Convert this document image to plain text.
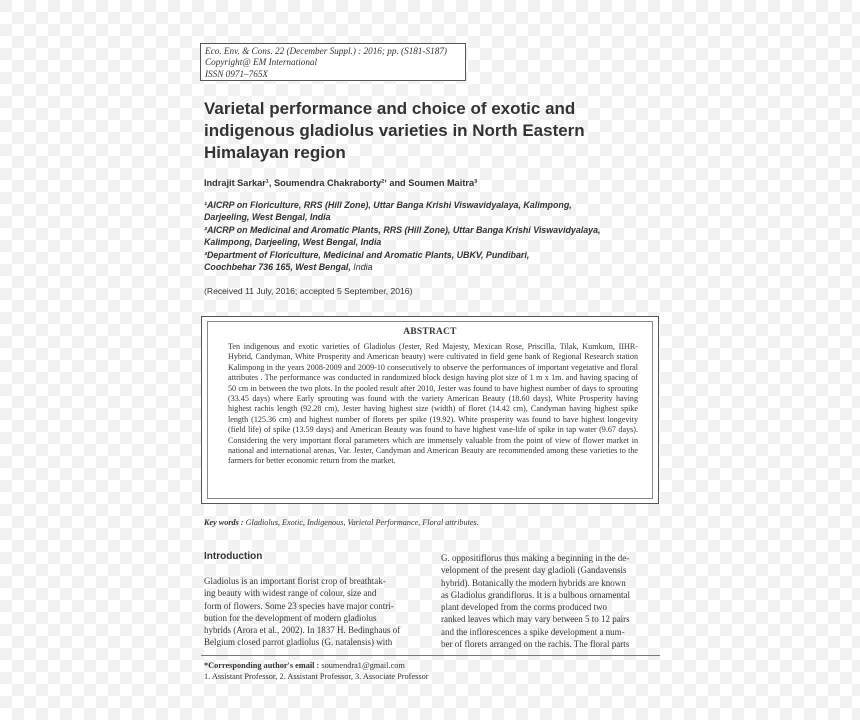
Eco. Env. & Cons. 22 (December Suppl.) : 2016; pp. (S181-S187)
Copyright@ EM International
ISSN 0971–765X
Varietal performance and choice of exotic and indigenous gladiolus varieties in North Eastern Himalayan region
Indrajit Sarkar¹, Soumendra Chakraborty²ʼ and Soumen Maitra³
¹AICRP on Floriculture, RRS (Hill Zone), Uttar Banga Krishi Viswavidyalaya, Kalimpong,
Darjeeling, West Bengal, India
²AICRP on Medicinal and Aromatic Plants, RRS (Hill Zone), Uttar Banga Krishi Viswavidyalaya,
Kalimpong, Darjeeling, West Bengal, India
³Department of Floriculture, Medicinal and Aromatic Plants, UBKV, Pundibari,
Coochbehar 736 165, West Bengal, India
(Received 11 July, 2016; accepted 5 September, 2016)
ABSTRACT
Ten indigenous and exotic varieties of Gladiolus (Jester, Red Majesty, Mexican Rose, Priscilla, Tilak, Kumkum, IIHR- Hybrid, Candyman, White Prosperity and American beauty) were cultivated in field gene bank of Regional Research station Kalimpong in the years 2008-2009 and 2009-10 consecutively to observe the performances of important vegetative and floral attributes . The performance was conducted in randomized block design having plot size of 1 m x 1m. and having spacing of 50 cm in between the two plots. In the pooled result after 2010, Jester was found to have highest number of days to sprouting (33.45 days) where Early sprouting was found with the variety American Beauty (18.60 days), White Prosperity having highest rachis length (92.28 cm), Jester having highest size (width) of floret (14.42 cm), Candyman having highest spike length (125.36 cm) and highest number of florets per spike (19.92). White prosperity was found to have highest longevity (field life) of spike (13.59 days) and American Beauty was found to have highest vase-life of spike in tap water (9.67 days). Considering the very important floral parameters which are immensely valuable from the point of view of flower market in national and international arenas, Var. Jester, Candyman and American Beauty are recommended among these varieties to the farmers for better economic return from the market.
Key words : Gladiolus, Exotic, Indigenous, Varietal Performance, Floral attributes.
Introduction
Gladiolus is an important florist crop of breathtak-
ing beauty with widest range of colour, size and
form of flowers. Some 23 species have major contri-
bution for the development of modern gladiolus
hybrids (Arora et al., 2002). In 1837 H. Bedinghaus of
Belgium closed parrot gladiolus (G. natalensis) with
G. oppositiflorus thus making a beginning in the de-
velopment of the present day gladioli (Gandavensis
hybrid). Botanically the modern hybrids are known
as Gladiolus grandiflorus. It is a bulbous ornamental
plant developed from the corms produced two
ranked leaves which may vary between 5 to 12 pairs
and the inflorescences a spike development a num-
ber of florets arranged on the rachis. The floral parts
*Corresponding author's email : soumendra1@gmail.com
1. Assistant Professor, 2. Assistant Professor, 3. Associate Professor
